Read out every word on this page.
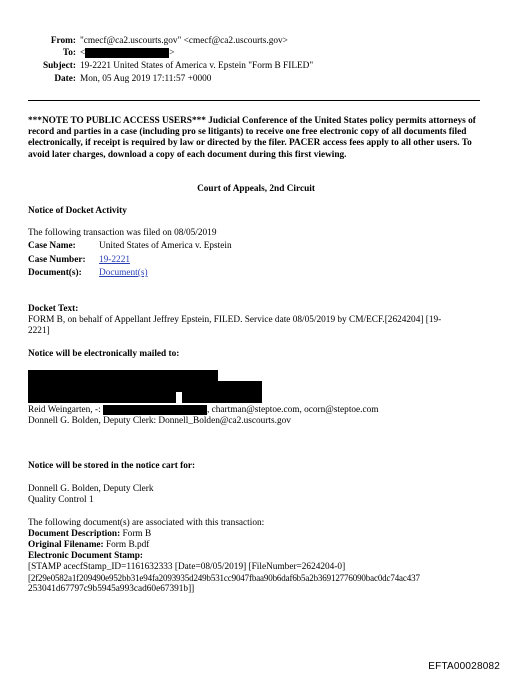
From: "cmecf@ca2.uscourts.gov" <cmecf@ca2.uscourts.gov>
To: <	>
Subject: 19-2221 United States of America v. Epstein "Form B FILED"
Date: Mon, 05 Aug 2019 17:11:57 +0000
***NOTE TO PUBLIC ACCESS USERS*** Judicial Conference of the United States policy permits attorneys of record and parties in a case (including pro se litigants) to receive one free electronic copy of all documents filed electronically, if receipt is required by law or directed by the filer. PACER access fees apply to all other users. To avoid later charges, download a copy of each document during this first viewing.
Court of Appeals, 2nd Circuit
Notice of Docket Activity
The following transaction was filed on 08/05/2019
Case Name: United States of America v. Epstein
Case Number: 19-2221
Document(s): Document(s)
Docket Text:
FORM B, on behalf of Appellant Jeffrey Epstein, FILED. Service date 08/05/2019 by CM/ECF.[2624204] [19-
2221]
Notice will be electronically mailed to:
Reid Weingarten, -:	, chartman@steptoe.com, ocorn@steptoe.com
Donnell G. Bolden, Deputy Clerk: Donnell_Bolden@ca2.uscourts.gov
Notice will be stored in the notice cart for:
Donnell G. Bolden, Deputy Clerk
Quality Control 1
The following document(s) are associated with this transaction:
Document Description: Form B
Original Filename: Form B.pdf
Electronic Document Stamp:
[STAMP acecfStamp_ID=1161632333 [Date=08/05/2019] [FileNumber=2624204-0]
[2f29e0582a1f209490e952bb31e94fa2093935d249b531cc9047fbaa90b6daf6b5a2b36912776090bac0dc74ac437
253041d67797c9b5945a993cad60e67391b]]
EFTA00028082
